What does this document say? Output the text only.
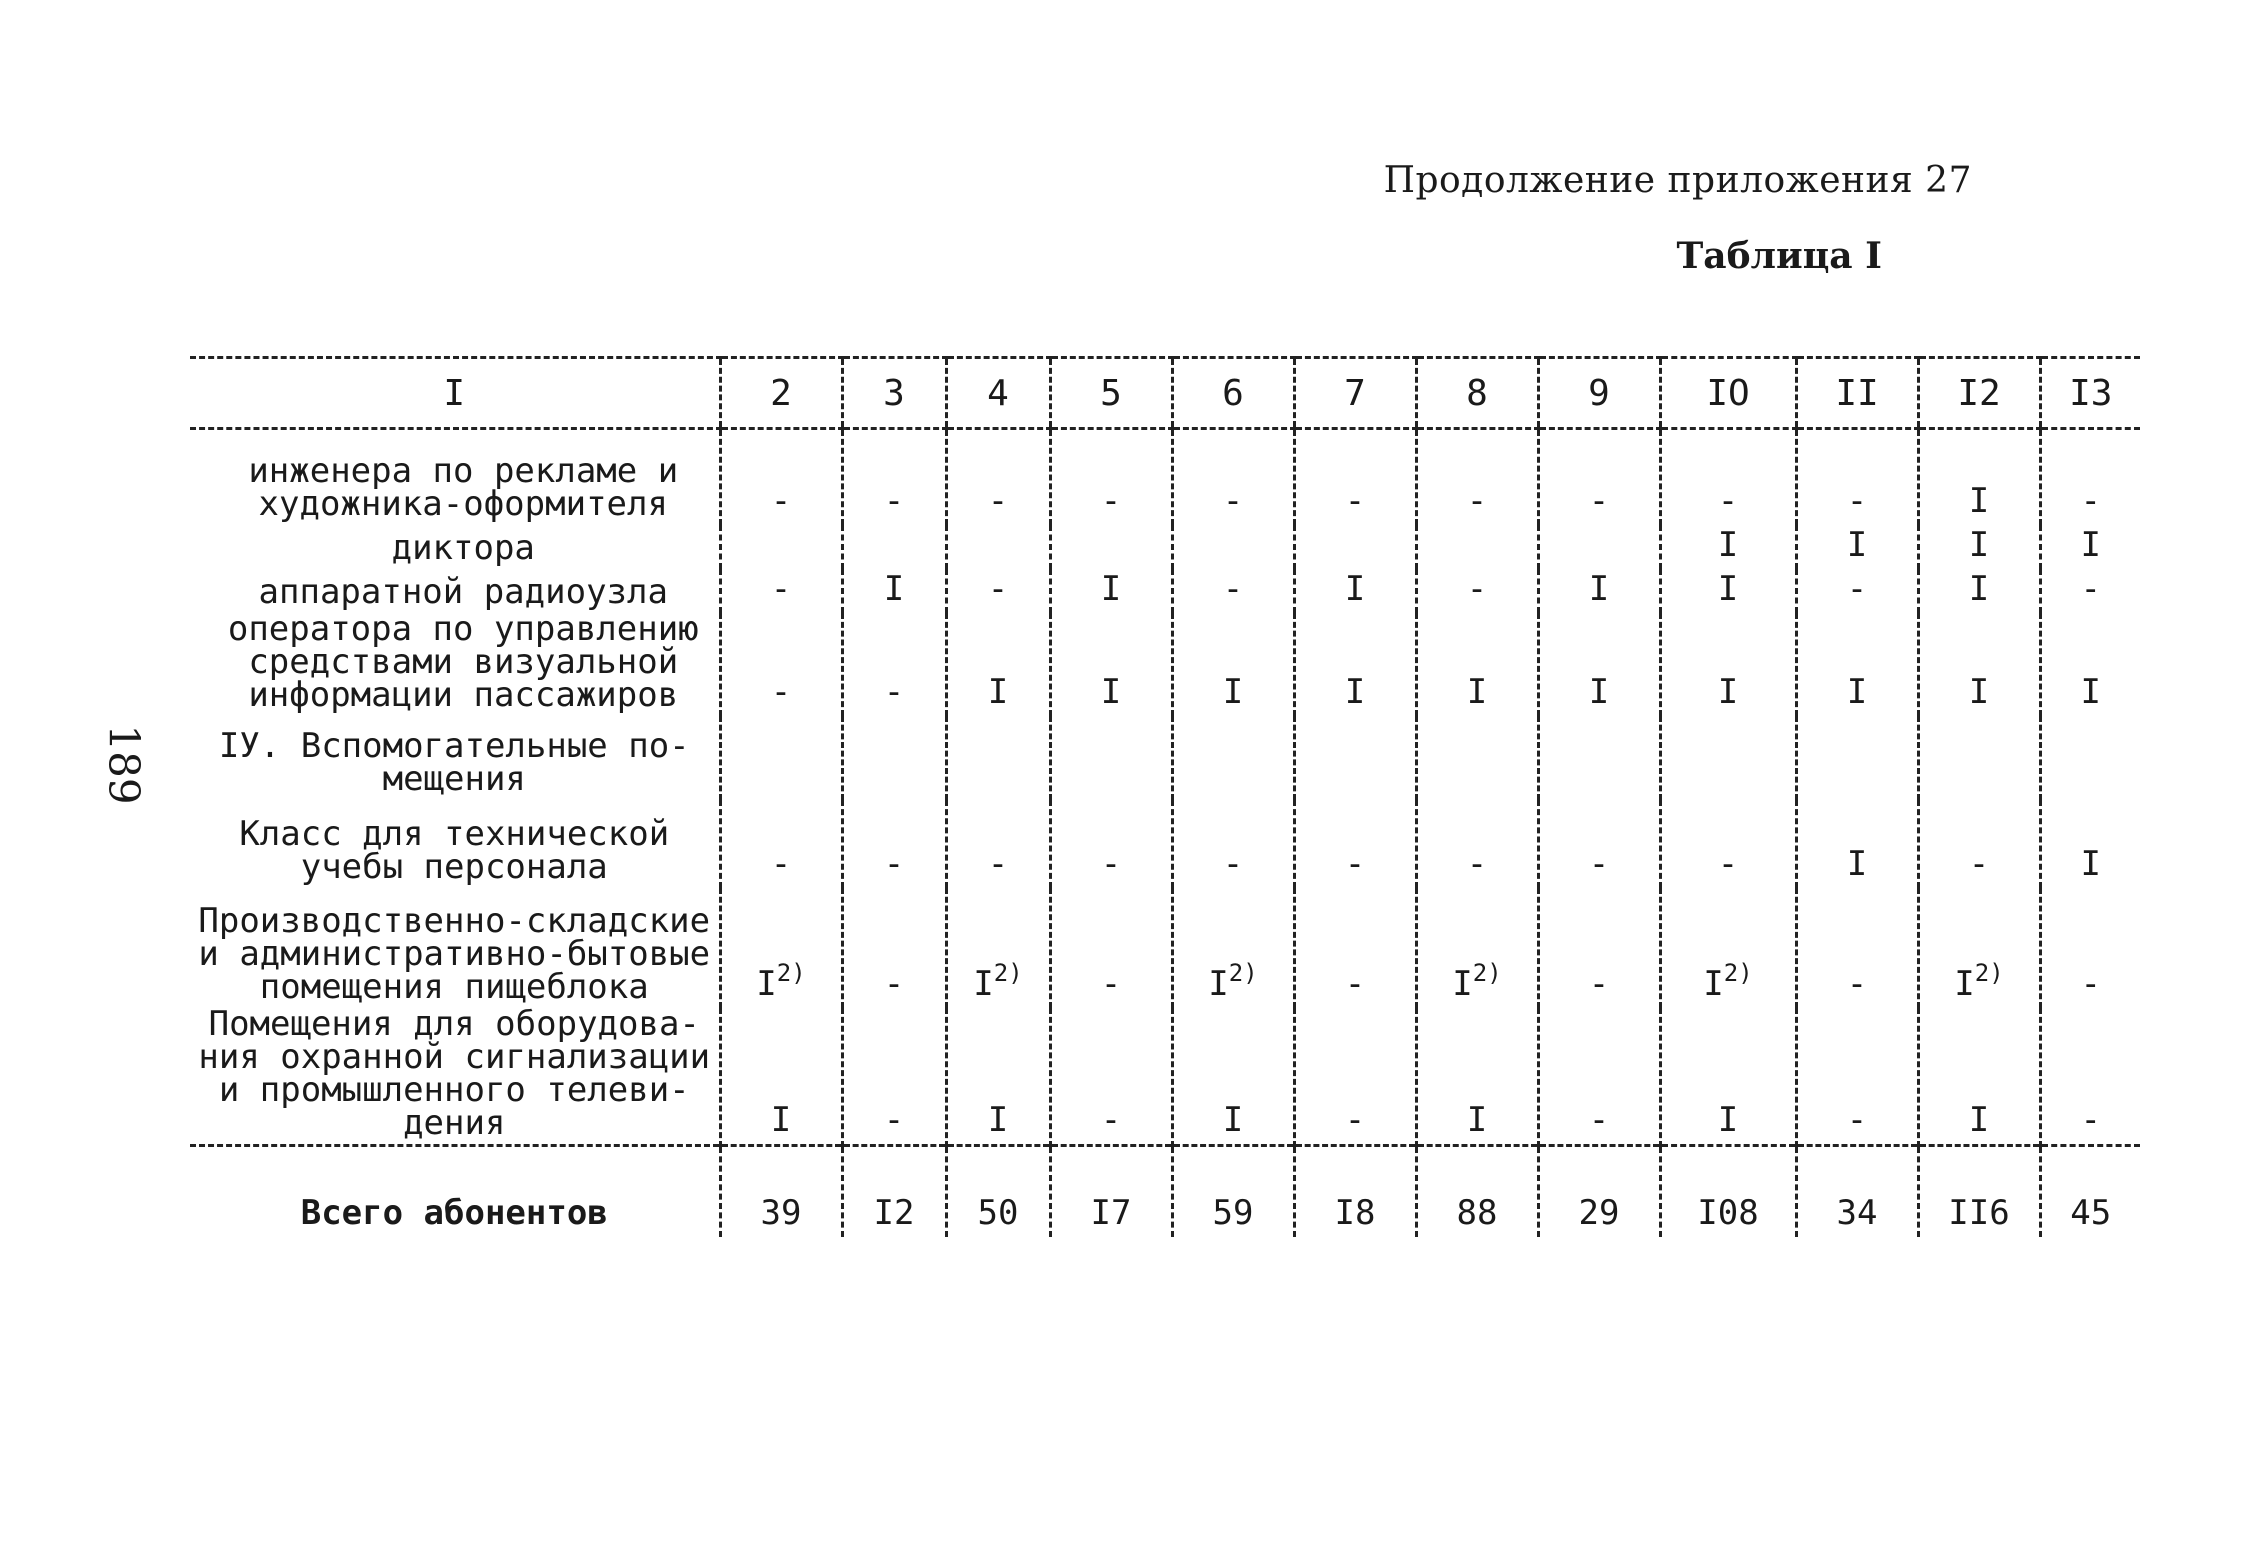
Продолжение приложения 27
Таблица I
189
I	2	3	4	5	6	7	8	9	IO	II	I2	I3

инженера по рекламе и
художника-оформителя	-	-	-	-	-	-	-	-	-	-	I	-

диктора									I	I	I	I

аппаратной радиоузла	-	I	-	I	-	I	-	I	I	-	I	-

оператора по управлению
средствами визуальной
информации пассажиров	-	-	I	I	I	I	I	I	I	I	I	I

IУ. Вспомогательные по-
мещения												

Класс для технической
учебы персонала	-	-	-	-	-	-	-	-	-	I	-	I

Производственно-складские
и административно-бытовые
помещения пищеблока	I$^{2)}$	-	I$^{2)}$	-	I$^{2)}$	-	I$^{2)}$	-	I$^{2)}$	-	I$^{2)}$	-

Помещения для оборудова-
ния охранной сигнализации
и промышленного телеви-
дения	I	-	I	-	I	-	I	-	I	-	I	-
Всего абонентов	39	I2	50	I7	59	I8	88	29	I08	34	II6	45
